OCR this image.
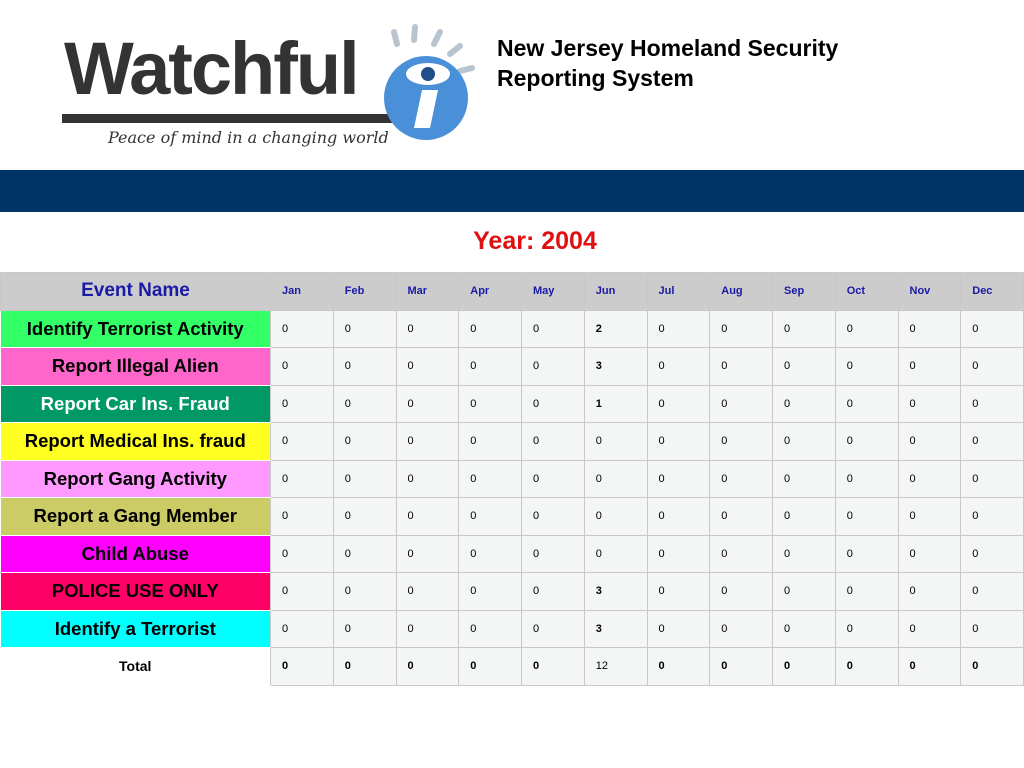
Watchful
Peace of mind in a changing world
New Jersey Homeland Security
Reporting System
Year: 2004
Event Name	Jan	Feb	Mar	Apr	May	Jun	Jul	Aug	Sep	Oct	Nov	Dec
Identify Terrorist Activity	0	0	0	0	0	2	0	0	0	0	0	0
Report Illegal Alien	0	0	0	0	0	3	0	0	0	0	0	0
Report Car Ins. Fraud	0	0	0	0	0	1	0	0	0	0	0	0
Report Medical Ins. fraud	0	0	0	0	0	0	0	0	0	0	0	0
Report Gang Activity	0	0	0	0	0	0	0	0	0	0	0	0
Report a Gang Member	0	0	0	0	0	0	0	0	0	0	0	0
Child Abuse	0	0	0	0	0	0	0	0	0	0	0	0
POLICE USE ONLY	0	0	0	0	0	3	0	0	0	0	0	0
Identify a Terrorist	0	0	0	0	0	3	0	0	0	0	0	0
Total	0	0	0	0	0	12	0	0	0	0	0	0
